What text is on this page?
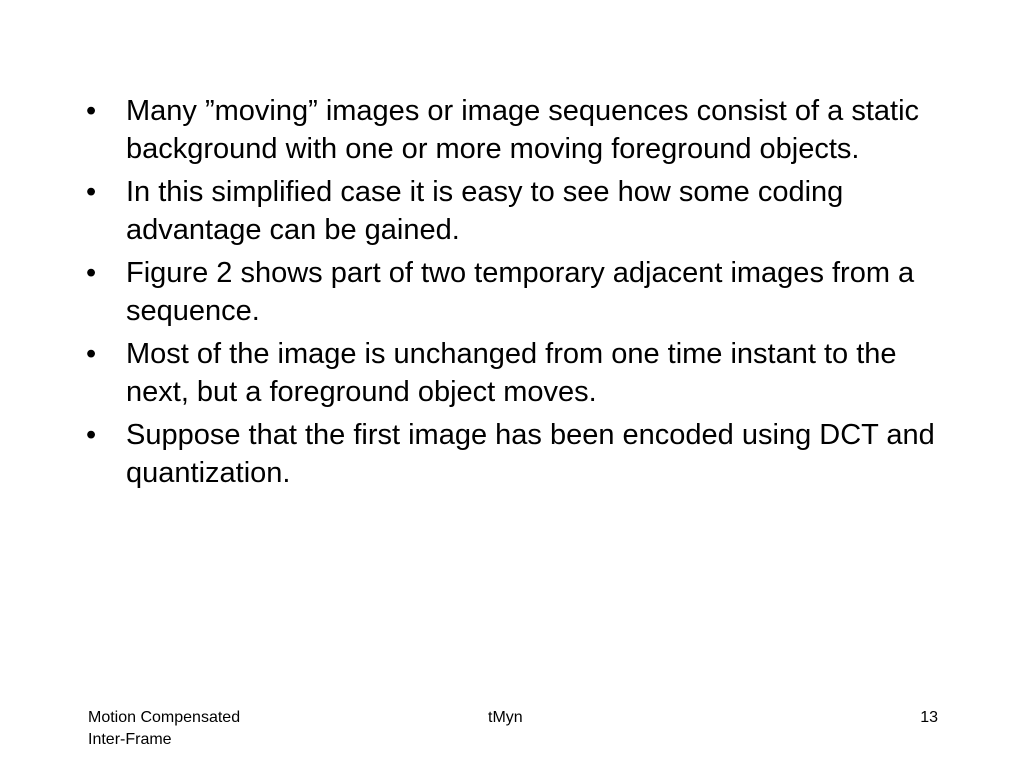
• Many ”moving” images or image sequences consist of a static background with one or more moving foreground objects.
• In this simplified case it is easy to see how some coding advantage can be gained.
• Figure 2 shows part of two temporary adjacent images from a sequence.
• Most of the image is unchanged from one time instant to the next, but a foreground object moves.
• Suppose that the first image has been encoded using DCT and quantization.
Motion Compensated
Inter-Frame
tMyn	13
